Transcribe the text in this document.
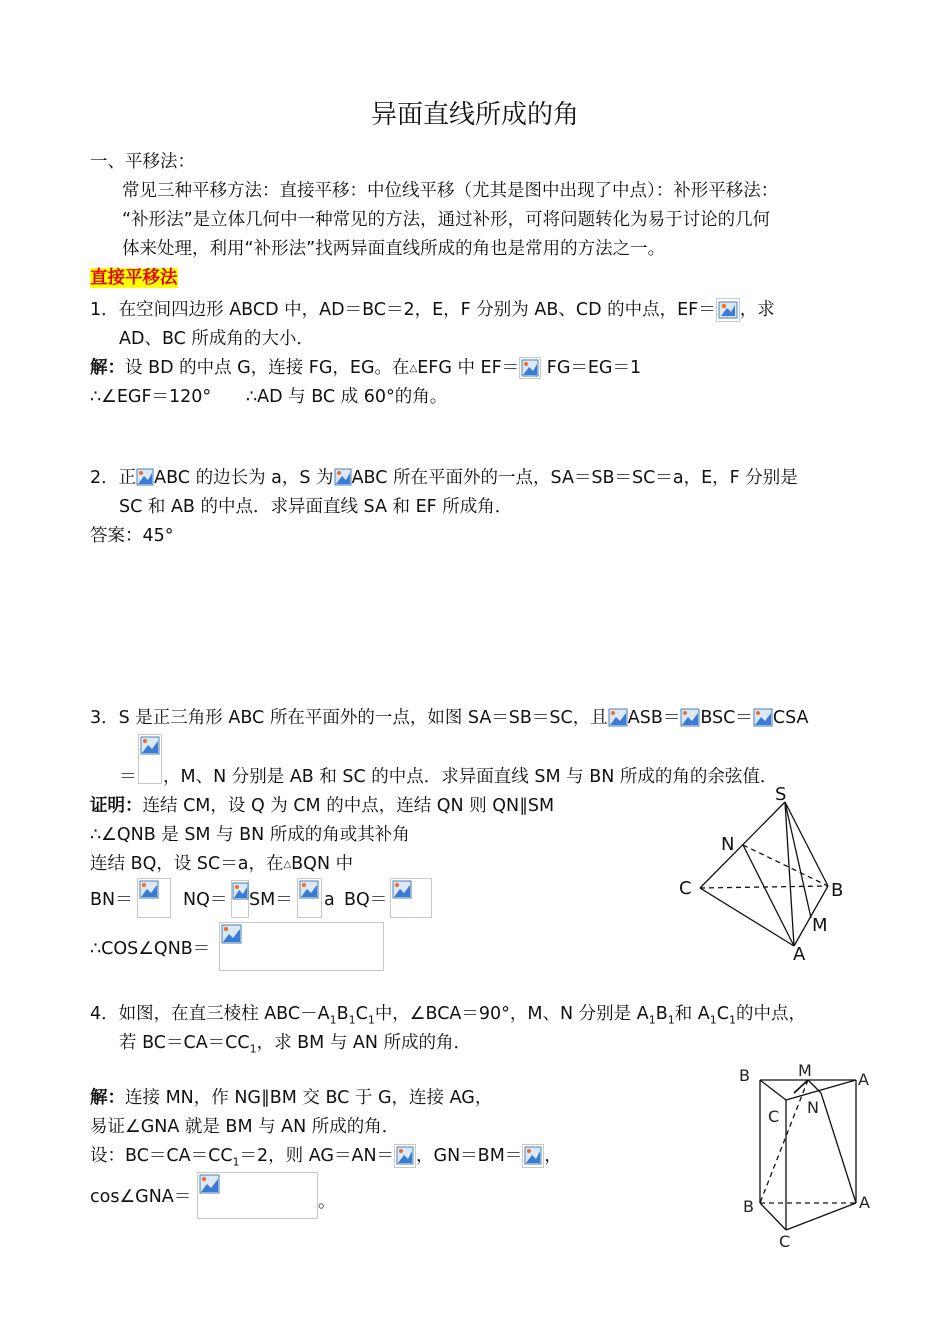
异面直线所成的角
一、平移法：
常见三种平移方法：直接平移：中位线平移（尤其是图中出现了中点）：补形平移法：
“补形法”是立体几何中一种常见的方法，通过补形，可将问题转化为易于讨论的几何
体来处理，利用“补形法”找两异面直线所成的角也是常用的方法之一。
直接平移法
1．在空间四边形 ABCD 中，AD＝BC＝2，E，F 分别为 AB、CD 的中点，EF＝ ，求
AD、BC 所成角的大小．
解：设 BD 的中点 G，连接 FG，EG。在△EFG 中 EF＝
FG＝EG＝1
∴∠EGF＝120° ∴AD 与 BC 成 60°的角。
2．正 ABC 的边长为 a，S 为 ABC 所在平面外的一点，SA＝SB＝SC＝a，E，F 分别是
SC 和 AB 的中点．求异面直线 SA 和 EF 所成角．
答案：45°
3．S 是正三角形 ABC 所在平面外的一点，如图 SA＝SB＝SC，且 ASB＝ BSC＝ CSA
＝ ，M、N 分别是 AB 和 SC 的中点．求异面直线 SM 与 BN 所成的角的余弦值．
证明：连结 CM，设 Q 为 CM 的中点，连结 QN 则 QN∥SM
∴∠QNB 是 SM 与 BN 所成的角或其补角
连结 BQ，设 SC＝a，在△BQN 中
BN＝	NQ＝ SM＝ a BQ＝
∴COS∠QNB＝
S
N
C	B
M
A
4．如图，在直三棱柱 $ABC-A_1B_1C_1$中，∠BCA＝90°，M、N 分别是 $A_1B_1$和 $A_1C_1$的中点，
若 $BC=CA=CC_1$，求 BM 与 AN 所成的角．
解：连接 MN，作 NG∥BM 交 BC 于 G，连接 AG，
易证∠GNA 就是 BM 与 AN 所成的角．
设：$BC=CA=CC_1=2$，则 AG＝AN＝ ，GN＝BM＝ ，
cos∠GNA＝	。
B	M	A
C N
B	A
C
